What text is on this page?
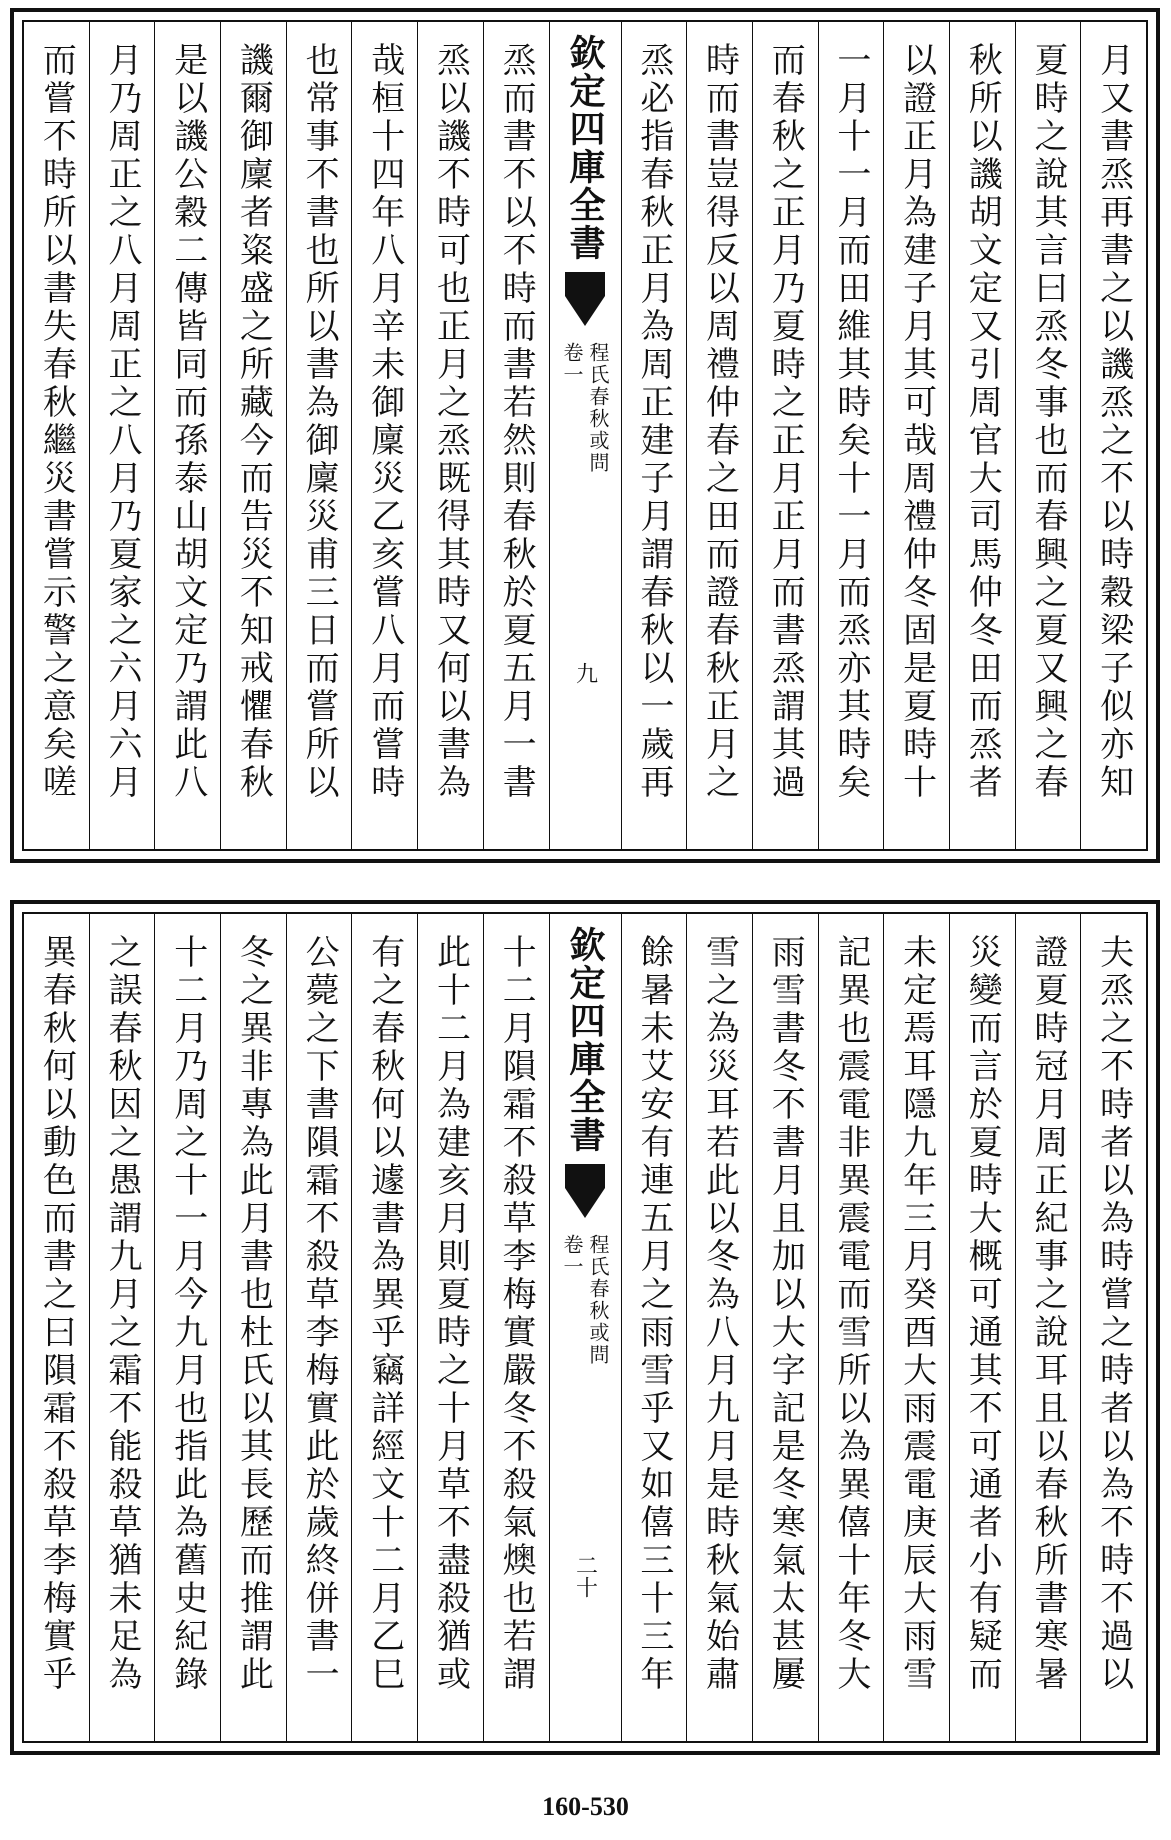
月又書烝再書之以譏烝之不以時穀梁子似亦知
夏時之說其言曰烝冬事也而春興之夏又興之春
秋所以譏胡文定又引周官大司馬仲冬田而烝者
以證正月為建子月其可哉周禮仲冬固是夏時十
一月十一月而田維其時矣十一月而烝亦其時矣
而春秋之正月乃夏時之正月正月而書烝謂其過
時而書豈得反以周禮仲春之田而證春秋正月之
烝必指春秋正月為周正建子月謂春秋以一歲再
欽定四庫全書
程氏春秋或問
卷一
九
烝而書不以不時而書若然則春秋於夏五月一書
烝以譏不時可也正月之烝既得其時又何以書為
哉桓十四年八月辛未御廩災乙亥嘗八月而嘗時
也常事不書也所以書為御廩災甫三日而嘗所以
譏爾御廩者粢盛之所藏今而告災不知戒懼春秋
是以譏公穀二傳皆同而孫泰山胡文定乃謂此八
月乃周正之八月周正之八月乃夏家之六月六月
而嘗不時所以書失春秋繼災書嘗示警之意矣嗟
夫烝之不時者以為時嘗之時者以為不時不過以
證夏時冠月周正紀事之說耳且以春秋所書寒暑
災變而言於夏時大概可通其不可通者小有疑而
未定焉耳隱九年三月癸酉大雨震電庚辰大雨雪
記異也震電非異震電而雪所以為異僖十年冬大
雨雪書冬不書月且加以大字記是冬寒氣太甚屢
雪之為災耳若此以冬為八月九月是時秋氣始肅
餘暑未艾安有連五月之雨雪乎又如僖三十三年
欽定四庫全書
程氏春秋或問
卷一
二十
十二月隕霜不殺草李梅實嚴冬不殺氣燠也若謂
此十二月為建亥月則夏時之十月草不盡殺猶或
有之春秋何以遽書為異乎竊詳經文十二月乙巳
公薨之下書隕霜不殺草李梅實此於歲終併書一
冬之異非專為此月書也杜氏以其長歷而推謂此
十二月乃周之十一月今九月也指此為舊史紀錄
之誤春秋因之愚謂九月之霜不能殺草猶未足為
異春秋何以動色而書之曰隕霜不殺草李梅實乎
160-530
